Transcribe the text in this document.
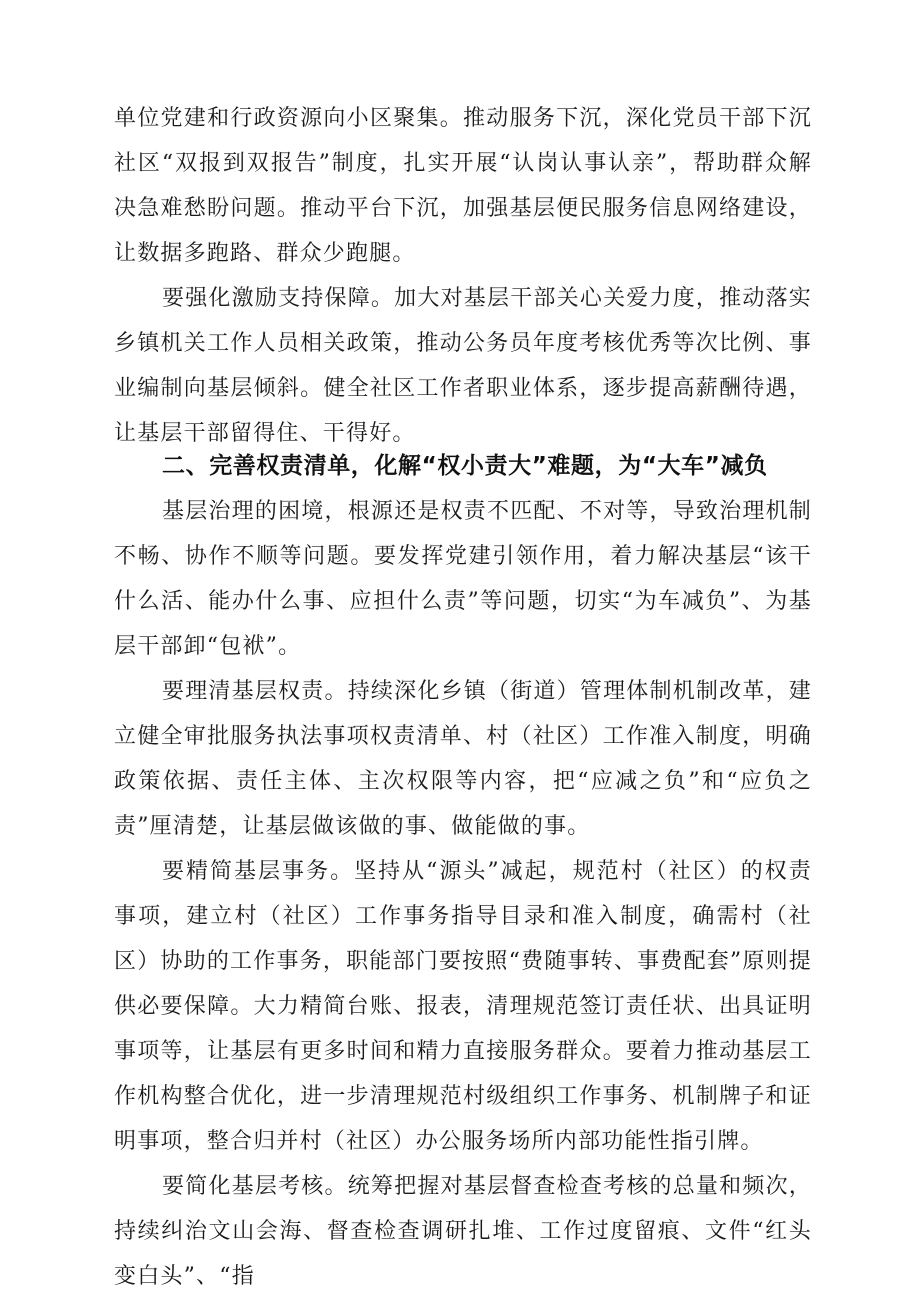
单位党建和行政资源向小区聚集。推动服务下沉，深化党员干部下沉社区“双报到双报告”制度，扎实开展“认岗认事认亲”，帮助群众解决急难愁盼问题。推动平台下沉，加强基层便民服务信息网络建设，让数据多跑路、群众少跑腿。

要强化激励支持保障。加大对基层干部关心关爱力度，推动落实乡镇机关工作人员相关政策，推动公务员年度考核优秀等次比例、事业编制向基层倾斜。健全社区工作者职业体系，逐步提高薪酬待遇，让基层干部留得住、干得好。

二、完善权责清单，化解“权小责大”难题，为“大车”减负

基层治理的困境，根源还是权责不匹配、不对等，导致治理机制不畅、协作不顺等问题。要发挥党建引领作用，着力解决基层“该干什么活、能办什么事、应担什么责”等问题，切实“为车减负”、为基层干部卸“包袱”。

要理清基层权责。持续深化乡镇（街道）管理体制机制改革，建立健全审批服务执法事项权责清单、村（社区）工作准入制度，明确政策依据、责任主体、主次权限等内容，把“应减之负”和“应负之责”厘清楚，让基层做该做的事、做能做的事。

要精简基层事务。坚持从“源头”减起，规范村（社区）的权责事项，建立村（社区）工作事务指导目录和准入制度，确需村（社区）协助的工作事务，职能部门要按照“费随事转、事费配套”原则提供必要保障。大力精简台账、报表，清理规范签订责任状、出具证明事项等，让基层有更多时间和精力直接服务群众。要着力推动基层工作机构整合优化，进一步清理规范村级组织工作事务、机制牌子和证明事项，整合归并村（社区）办公服务场所内部功能性指引牌。

要简化基层考核。统筹把握对基层督查检查考核的总量和频次，持续纠治文山会海、督查检查调研扎堆、工作过度留痕、文件“红头变白头”、“指
